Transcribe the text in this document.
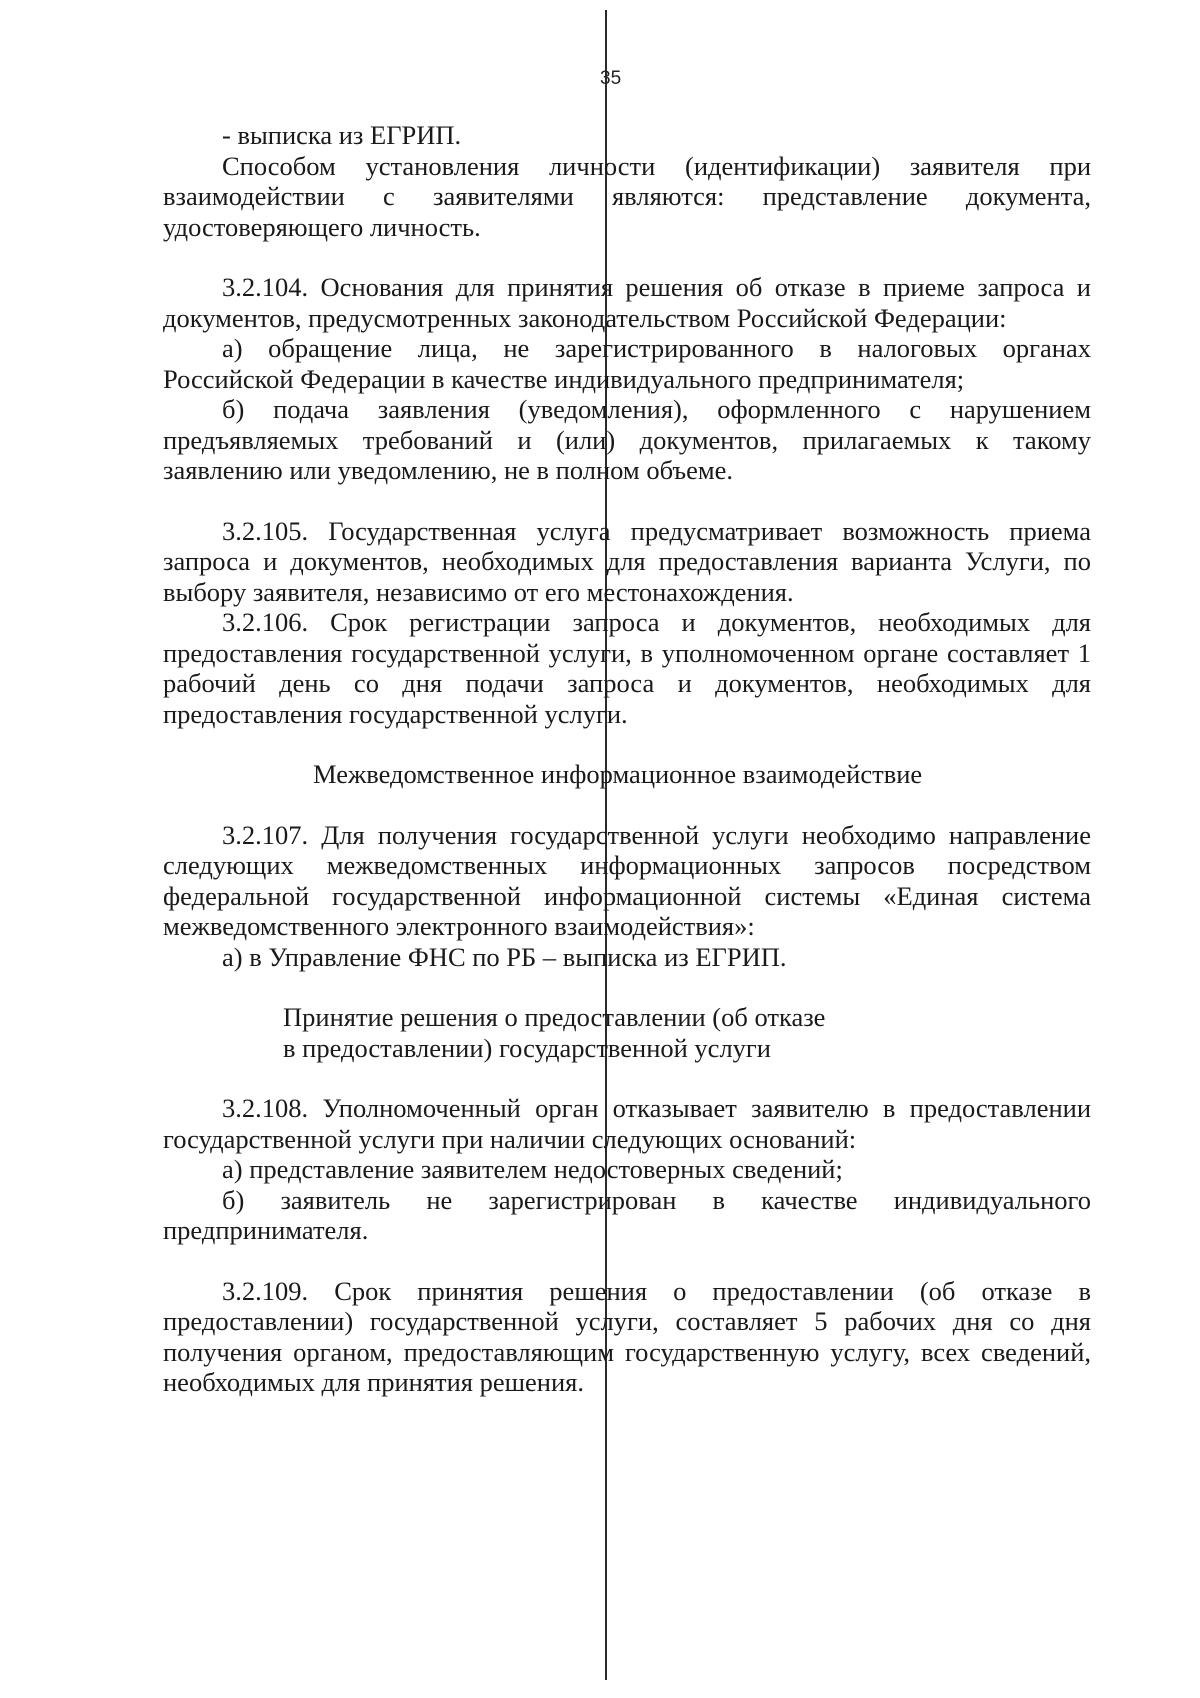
35

- выписка из ЕГРИП.

Способом установления личности (идентификации) заявителя при взаимодействии с заявителями являются: представление документа, удостоверяющего личность.

3.2.104. Основания для принятия решения об отказе в приеме запроса и документов, предусмотренных законодательством Российской Федерации:

а) обращение лица, не зарегистрированного в налоговых органах Российской Федерации в качестве индивидуального предпринимателя;

б) подача заявления (уведомления), оформленного с нарушением предъявляемых требований и (или) документов, прилагаемых к такому заявлению или уведомлению, не в полном объеме.

3.2.105. Государственная услуга предусматривает возможность приема запроса и документов, необходимых для предоставления варианта Услуги, по выбору заявителя, независимо от его местонахождения.

3.2.106. Срок регистрации запроса и документов, необходимых для предоставления государственной услуги, в уполномоченном органе составляет 1 рабочий день со дня подачи запроса и документов, необходимых для предоставления государственной услуги.

Межведомственное информационное взаимодействие

3.2.107. Для получения государственной услуги необходимо направление следующих межведомственных информационных запросов посредством федеральной государственной информационной системы «Единая система межведомственного электронного взаимодействия»:

а) в Управление ФНС по РБ – выписка из ЕГРИП.

Принятие решения о предоставлении (об отказе
в предоставлении) государственной услуги

3.2.108. Уполномоченный орган отказывает заявителю в предоставлении государственной услуги при наличии следующих оснований:

а) представление заявителем недостоверных сведений;

б) заявитель не зарегистрирован в качестве индивидуального предпринимателя.

3.2.109. Срок принятия решения о предоставлении (об отказе в предоставлении) государственной услуги, составляет 5 рабочих дня со дня получения органом, предоставляющим государственную услугу, всех сведений, необходимых для принятия решения.
